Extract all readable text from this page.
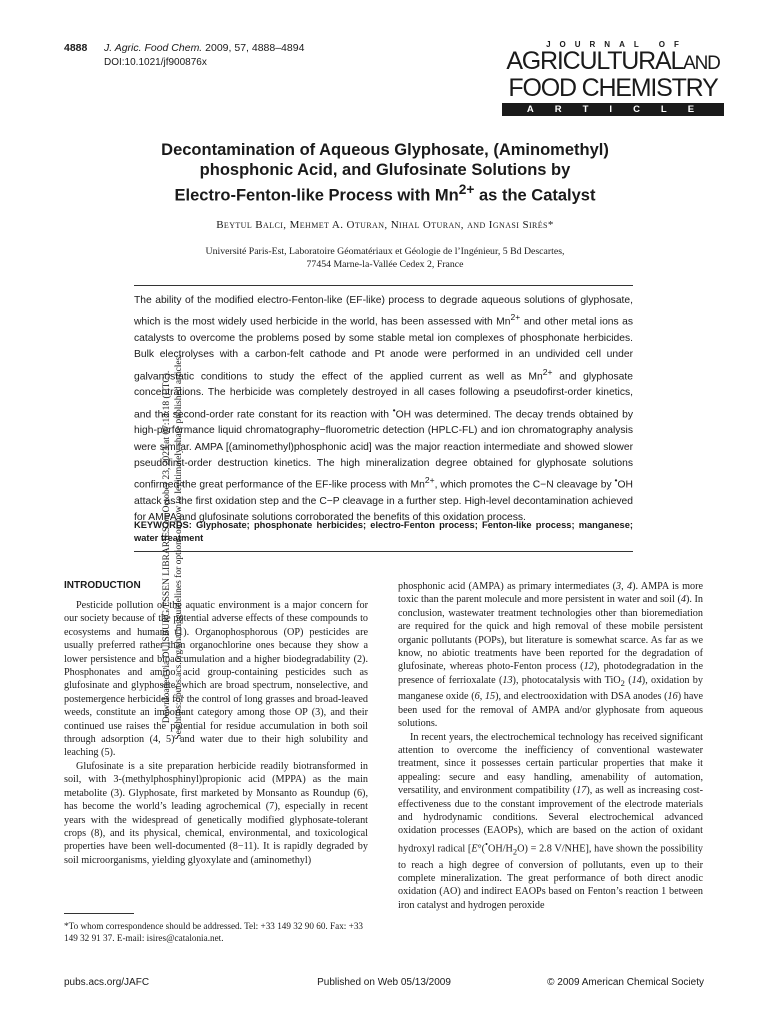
4888 J. Agric. Food Chem. 2009, 57, 4888–4894
DOI:10.1021/jf900876x
JOURNAL OF
AGRICULTURALAND
FOOD CHEMISTRY
ARTICLE
Decontamination of Aqueous Glyphosate, (Aminomethyl)
phosphonic Acid, and Glufosinate Solutions by
Electro-Fenton-like Process with $Mn^{2+}$ as the Catalyst
Beytul Balci, Mehmet A. Oturan, Nihal Oturan, and Ignasi Sirés*
Université Paris-Est, Laboratoire Géomatériaux et Géologie de l’Ingénieur, 5 Bd Descartes,
77454 Marne-la-Vallée Cedex 2, France
Downloaded via DUISBURG/ESSEN LIBRARIES on October 23, 2023 at 07:12:18 (UTC). See https://pubs.acs.org/sharingguidelines for options on how to legitimately share published articles.
The ability of the modified electro-Fenton-like (EF-like) process to degrade aqueous solutions of glyphosate, which is the most widely used herbicide in the world, has been assessed with $Mn^{2+}$ and other metal ions as catalysts to overcome the problems posed by some stable metal ion complexes of phosphonate herbicides. Bulk electrolyses with a carbon-felt cathode and Pt anode were performed in an undivided cell under galvanostatic conditions to study the effect of the applied current as well as $Mn^{2+}$ and glyphosate concentrations. The herbicide was completely destroyed in all cases following a pseudofirst-order kinetics, and the second-order rate constant for its reaction with •OH was determined. The decay trends obtained by high-performance liquid chromatography−fluorometric detection (HPLC-FL) and ion chromatography analysis were similar. AMPA [(aminomethyl)phosphonic acid] was the major reaction intermediate and showed slower pseudofirst-order destruction kinetics. The high mineralization degree obtained for glyphosate solutions confirmed the great performance of the EF-like process with $Mn^{2+}$, which promotes the C−N cleavage by •OH attack as the first oxidation step and the C−P cleavage in a further step. High-level decontamination achieved for AMPA and glufosinate solutions corroborated the benefits of this oxidation process.
KEYWORDS: Glyphosate; phosphonate herbicides; electro-Fenton process; Fenton-like process; manganese; water treatment
INTRODUCTION

Pesticide pollution of the aquatic environment is a major concern for our society because of the potential adverse effects of these compounds to ecosystems and humans (1). Organophosphorous (OP) pesticides are usually preferred rather than organochlorine ones because they show a lower persistence and bioaccumulation and a higher biodegradability (2). Phosphonates and amino acid group-containing pesticides such as glufosinate and glyphosate, which are broad spectrum, nonselective, and postemergence herbicides for the control of long grasses and broad-leaved weeds, constitute an important category among those OP (3), and their continued use raises the potential for residue accumulation in both soil through adsorption (4, 5) and water due to their high solubility and leaching (5).

Glufosinate is a site preparation herbicide readily biotransformed in soil, with 3-(methylphosphinyl)propionic acid (MPPA) as the main metabolite (3). Glyphosate, first marketed by Monsanto as Roundup (6), has become the world’s leading agrochemical (7), especially in recent years with the widespread of genetically modified glyphosate-tolerant crops (8), and its physical, chemical, environmental, and toxicological properties have been well-documented (8−11). It is rapidly degraded by soil microorganisms, yielding glyoxylate and (aminomethyl)

phosphonic acid (AMPA) as primary intermediates (3, 4). AMPA is more toxic than the parent molecule and more persistent in water and soil (4). In conclusion, wastewater treatment technologies other than bioremediation are required for the quick and high removal of these mobile persistent organic pollutants (POPs), but literature is somewhat scarce. As far as we know, no abiotic treatments have been reported for the degradation of glufosinate, whereas photo-Fenton process (12), photodegradation in the presence of ferrioxalate (13), photocatalysis with TiO$_2$ (14), oxidation by manganese oxide (6, 15), and electrooxidation with DSA anodes (16) have been used for the removal of AMPA and/or glyphosate from aqueous solutions.

In recent years, the electrochemical technology has received significant attention to overcome the inefficiency of conventional wastewater treatment, since it possesses certain particular properties that make it appealing: secure and easy handling, amenability of automation, versatility, and environment compatibility (17), as well as increasing cost-effectiveness due to the constant improvement of the electrode materials and hydrodynamic conditions. Several electrochemical advanced oxidation processes (EAOPs), which are based on the action of oxidant hydroxyl radical [$E^\circ(^•OH/H_2O) = 2.8$ V/NHE], have shown the possibility to reach a high degree of conversion of pollutants, even up to their complete mineralization. The great performance of both direct anodic oxidation (AO) and indirect EAOPs based on Fenton’s reaction 1 between iron catalyst and hydrogen peroxide

*To whom correspondence should be addressed. Tel: +33 149 32 90 60. Fax: +33 149 32 91 37. E-mail: isires@catalonia.net.
pubs.acs.org/JAFC	Published on Web 05/13/2009	© 2009 American Chemical Society
